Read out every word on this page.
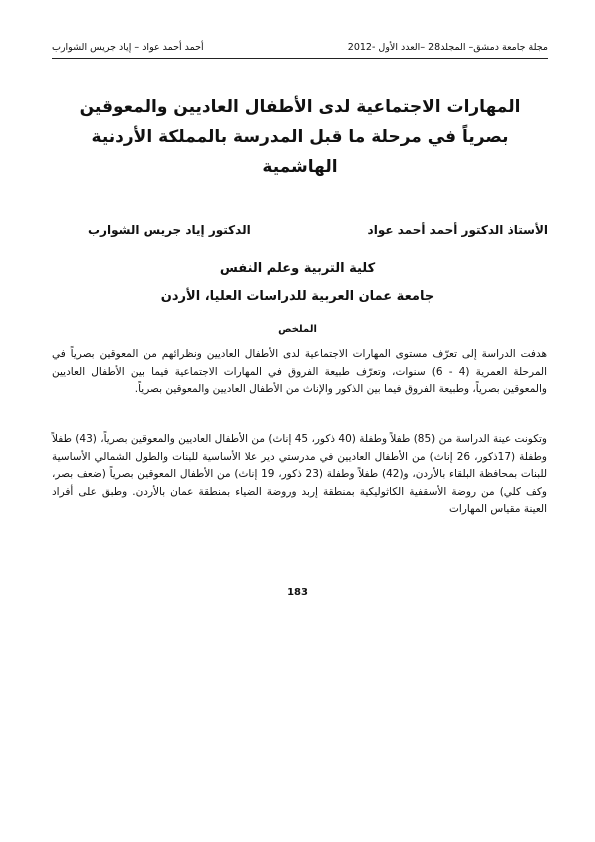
مجلة جامعة دمشق– المجلد28 –العدد الأول -2012
أحمد أحمد عواد – إياد جريس الشوارب
المهارات الاجتماعية لدى الأطفال العاديين والمعوقين بصرياً في مرحلة ما قبل المدرسة بالمملكة الأردنية الهاشمية
الأستاذ الدكتور أحمد أحمد عواد
الدكتور إياد جريس الشوارب
كلية التربية وعلم النفس
جامعة عمان العربية للدراسات العليا، الأردن
الملخص

هدفت الدراسة إلى تعرّف مستوى المهارات الاجتماعية لدى الأطفال العاديين ونظرائهم من المعوقين بصرياً في المرحلة العمرية (4 - 6) سنوات، وتعرّف طبيعة الفروق في المهارات الاجتماعية فيما بين الأطفال العاديين والمعوقين بصرياً، وطبيعة الفروق فيما بين الذكور والإناث من الأطفال العاديين والمعوقين بصرياً.

وتكونت عينة الدراسة من (85) طفلاً وطفلة (40 ذكور، 45 إناث) من الأطفال العاديين والمعوقين بصرياً، (43) طفلاً وطفلة (17ذكور، 26 إناث) من الأطفال العاديين في مدرستي دير علا الأساسية للبنات والطول الشمالي الأساسية للبنات بمحافظة البلقاء بالأردن، و(42) طفلاً وطفلة (23 ذكور، 19 إناث) من الأطفال المعوقين بصرياً (ضعف بصر، وكف كلي) من روضة الأسقفية الكاثوليكية بمنطقة إربد وروضة الضياء بمنطقة عمان بالأردن. وطبق على أفراد العينة مقياس المهارات

183
